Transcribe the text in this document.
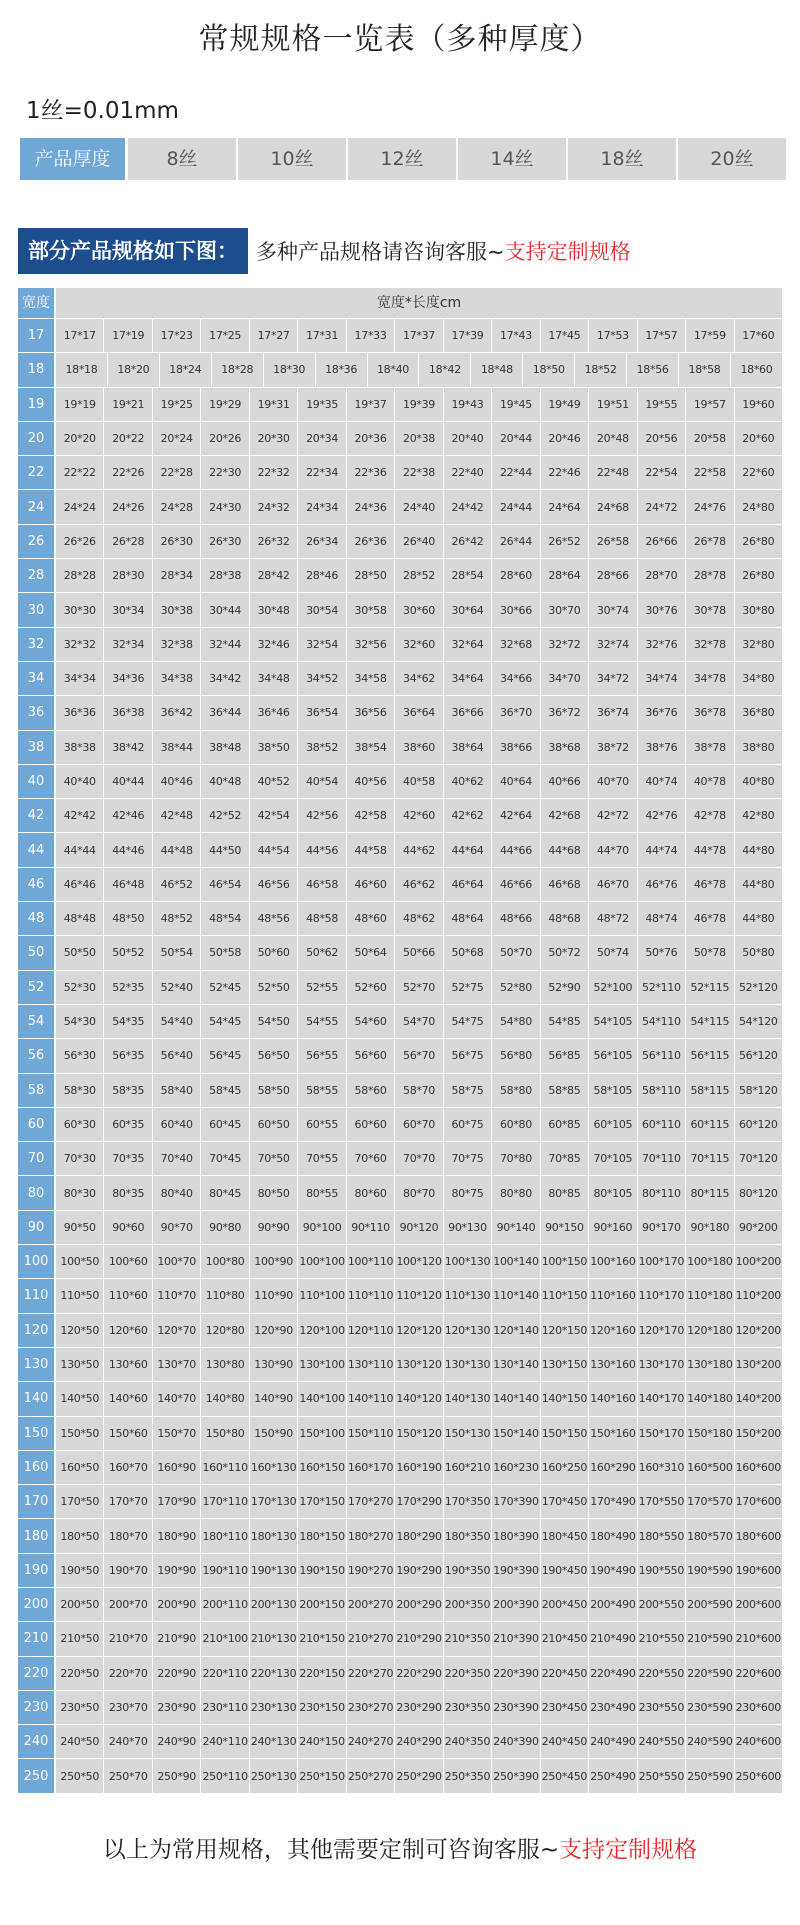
常规规格一览表（多种厚度）
1丝=0.01mm
产品厚度	8丝	10丝	12丝	14丝	18丝	20丝
部分产品规格如下图： 多种产品规格请咨询客服~支持定制规格
宽度	宽度*长度cm
17	17*17	17*19	17*23	17*25	17*27	17*31	17*33	17*37	17*39	17*43	17*45	17*53	17*57	17*59	17*60
18	18*18	18*20	18*24	18*28	18*30	18*36	18*40	18*42	18*48	18*50	18*52	18*56	18*58	18*60
19	19*19	19*21	19*25	19*29	19*31	19*35	19*37	19*39	19*43	19*45	19*49	19*51	19*55	19*57	19*60
20	20*20	20*22	20*24	20*26	20*30	20*34	20*36	20*38	20*40	20*44	20*46	20*48	20*56	20*58	20*60
22	22*22	22*26	22*28	22*30	22*32	22*34	22*36	22*38	22*40	22*44	22*46	22*48	22*54	22*58	22*60
24	24*24	24*26	24*28	24*30	24*32	24*34	24*36	24*40	24*42	24*44	24*64	24*68	24*72	24*76	24*80
26	26*26	26*28	26*30	26*30	26*32	26*34	26*36	26*40	26*42	26*44	26*52	26*58	26*66	26*78	26*80
28	28*28	28*30	28*34	28*38	28*42	28*46	28*50	28*52	28*54	28*60	28*64	28*66	28*70	28*78	26*80
30	30*30	30*34	30*38	30*44	30*48	30*54	30*58	30*60	30*64	30*66	30*70	30*74	30*76	30*78	30*80
32	32*32	32*34	32*38	32*44	32*46	32*54	32*56	32*60	32*64	32*68	32*72	32*74	32*76	32*78	32*80
34	34*34	34*36	34*38	34*42	34*48	34*52	34*58	34*62	34*64	34*66	34*70	34*72	34*74	34*78	34*80
36	36*36	36*38	36*42	36*44	36*46	36*54	36*56	36*64	36*66	36*70	36*72	36*74	36*76	36*78	36*80
38	38*38	38*42	38*44	38*48	38*50	38*52	38*54	38*60	38*64	38*66	38*68	38*72	38*76	38*78	38*80
40	40*40	40*44	40*46	40*48	40*52	40*54	40*56	40*58	40*62	40*64	40*66	40*70	40*74	40*78	40*80
42	42*42	42*46	42*48	42*52	42*54	42*56	42*58	42*60	42*62	42*64	42*68	42*72	42*76	42*78	42*80
44	44*44	44*46	44*48	44*50	44*54	44*56	44*58	44*62	44*64	44*66	44*68	44*70	44*74	44*78	44*80
46	46*46	46*48	46*52	46*54	46*56	46*58	46*60	46*62	46*64	46*66	46*68	46*70	46*76	46*78	44*80
48	48*48	48*50	48*52	48*54	48*56	48*58	48*60	48*62	48*64	48*66	48*68	48*72	48*74	46*78	44*80
50	50*50	50*52	50*54	50*58	50*60	50*62	50*64	50*66	50*68	50*70	50*72	50*74	50*76	50*78	50*80
52	52*30	52*35	52*40	52*45	52*50	52*55	52*60	52*70	52*75	52*80	52*90	52*100 52*110 52*115 52*120
54	54*30	54*35	54*40	54*45	54*50	54*55	54*60	54*70	54*75	54*80	54*85	54*105 54*110 54*115 54*120
56	56*30	56*35	56*40	56*45	56*50	56*55	56*60	56*70	56*75	56*80	56*85	56*105 56*110 56*115 56*120
58	58*30	58*35	58*40	58*45	58*50	58*55	58*60	58*70	58*75	58*80	58*85	58*105 58*110 58*115 58*120
60	60*30	60*35	60*40	60*45	60*50	60*55	60*60	60*70	60*75	60*80	60*85	60*105 60*110 60*115 60*120
70	70*30	70*35	70*40	70*45	70*50	70*55	70*60	70*70	70*75	70*80	70*85	70*105 70*110 70*115 70*120
80	80*30	80*35	80*40	80*45	80*50	80*55	80*60	80*70	80*75	80*80	80*85	80*105 80*110 80*115 80*120
90	90*50	90*60	90*70	90*80	90*90	90*100 90*110 90*120 90*130 90*140 90*150 90*160 90*170 90*180 90*200
100	100*50 100*60 100*70 100*80 100*90 100*100 100*110 100*120 100*130 100*140 100*150 100*160 100*170 100*180 100*200
110	110*50 110*60 110*70 110*80 110*90 110*100 110*110 110*120 110*130 110*140 110*150 110*160 110*170 110*180 110*200
120	120*50 120*60 120*70 120*80 120*90 120*100 120*110 120*120 120*130 120*140 120*150 120*160 120*170 120*180 120*200
130	130*50 130*60 130*70 130*80 130*90 130*100 130*110 130*120 130*130 130*140 130*150 130*160 130*170 130*180 130*200
140	140*50 140*60 140*70 140*80 140*90 140*100 140*110 140*120 140*130 140*140 140*150 140*160 140*170 140*180 140*200
150	150*50 150*60 150*70 150*80 150*90 150*100 150*110 150*120 150*130 150*140 150*150 150*160 150*170 150*180 150*200
160	160*50 160*70 160*90 160*110 160*130 160*150 160*170 160*190 160*210 160*230 160*250 160*290 160*310 160*500 160*600
170	170*50 170*70 170*90 170*110 170*130 170*150 170*270 170*290 170*350 170*390 170*450 170*490 170*550 170*570 170*600
180	180*50 180*70 180*90 180*110 180*130 180*150 180*270 180*290 180*350 180*390 180*450 180*490 180*550 180*570 180*600
190	190*50 190*70 190*90 190*110 190*130 190*150 190*270 190*290 190*350 190*390 190*450 190*490 190*550 190*590 190*600
200	200*50 200*70 200*90 200*110 200*130 200*150 200*270 200*290 200*350 200*390 200*450 200*490 200*550 200*590 200*600
210	210*50 210*70 210*90 210*100 210*130 210*150 210*270 210*290 210*350 210*390 210*450 210*490 210*550 210*590 210*600
220	220*50 220*70 220*90 220*110 220*130 220*150 220*270 220*290 220*350 220*390 220*450 220*490 220*550 220*590 220*600
230	230*50 230*70 230*90 230*110 230*130 230*150 230*270 230*290 230*350 230*390 230*450 230*490 230*550 230*590 230*600
240	240*50 240*70 240*90 240*110 240*130 240*150 240*270 240*290 240*350 240*390 240*450 240*490 240*550 240*590 240*600
250	250*50 250*70 250*90 250*110 250*130 250*150 250*270 250*290 250*350 250*390 250*450 250*490 250*550 250*590 250*600
以上为常用规格，其他需要定制可咨询客服~支持定制规格
